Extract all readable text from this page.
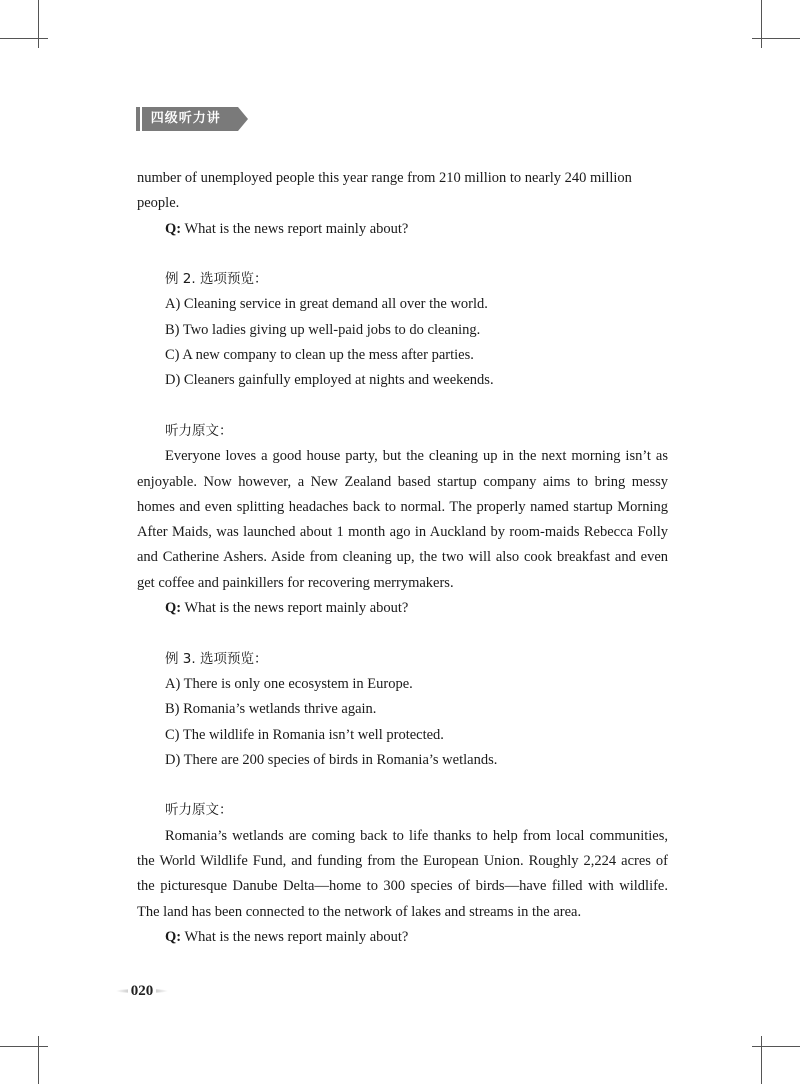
四级听力讲义

number of unemployed people this year range from 210 million to nearly 240 million people.

Q: What is the news report mainly about?

例 2. 选项预览：

A) Cleaning service in great demand all over the world.

B) Two ladies giving up well-paid jobs to do cleaning.

C) A new company to clean up the mess after parties.

D) Cleaners gainfully employed at nights and weekends.

听力原文：

Everyone loves a good house party, but the cleaning up in the next morning isn’t as enjoyable. Now however, a New Zealand based startup company aims to bring messy homes and even splitting headaches back to normal. The properly named startup Morning After Maids, was launched about 1 month ago in Auckland by room-maids Rebecca Folly and Catherine Ashers. Aside from cleaning up, the two will also cook breakfast and even get coffee and painkillers for recovering merrymakers.

Q: What is the news report mainly about?

例 3. 选项预览：

A) There is only one ecosystem in Europe.

B) Romania’s wetlands thrive again.

C) The wildlife in Romania isn’t well protected.

D) There are 200 species of birds in Romania’s wetlands.

听力原文：

Romania’s wetlands are coming back to life thanks to help from local communities, the World Wildlife Fund, and funding from the European Union. Roughly 2,224 acres of the picturesque Danube Delta—home to 300 species of birds—have filled with wildlife. The land has been connected to the network of lakes and streams in the area.

Q: What is the news report mainly about?

020
